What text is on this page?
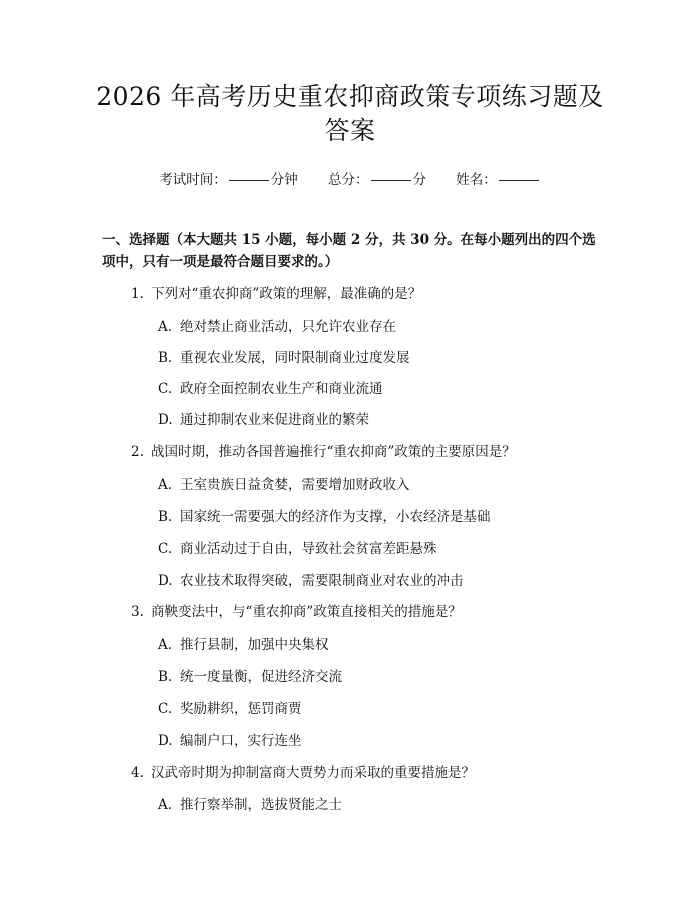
2026 年高考历史重农抑商政策专项练习题及
答案
考试时间：	分钟 总分：	分 姓名：
一、选择题（本大题共 15 小题，每小题 2 分，共 30 分。在每小题列出的四个选项中，只有一项是最符合题目要求的。）
1. 下列对“重农抑商”政策的理解，最准确的是？
A. 绝对禁止商业活动，只允许农业存在
B. 重视农业发展，同时限制商业过度发展
C. 政府全面控制农业生产和商业流通
D. 通过抑制农业来促进商业的繁荣
2. 战国时期，推动各国普遍推行“重农抑商”政策的主要原因是？
A. 王室贵族日益贪婪，需要增加财政收入
B. 国家统一需要强大的经济作为支撑，小农经济是基础
C. 商业活动过于自由，导致社会贫富差距悬殊
D. 农业技术取得突破，需要限制商业对农业的冲击
3. 商鞅变法中，与“重农抑商”政策直接相关的措施是？
A. 推行县制，加强中央集权
B. 统一度量衡，促进经济交流
C. 奖励耕织，惩罚商贾
D. 编制户口，实行连坐
4. 汉武帝时期为抑制富商大贾势力而采取的重要措施是？
A. 推行察举制，选拔贤能之士
